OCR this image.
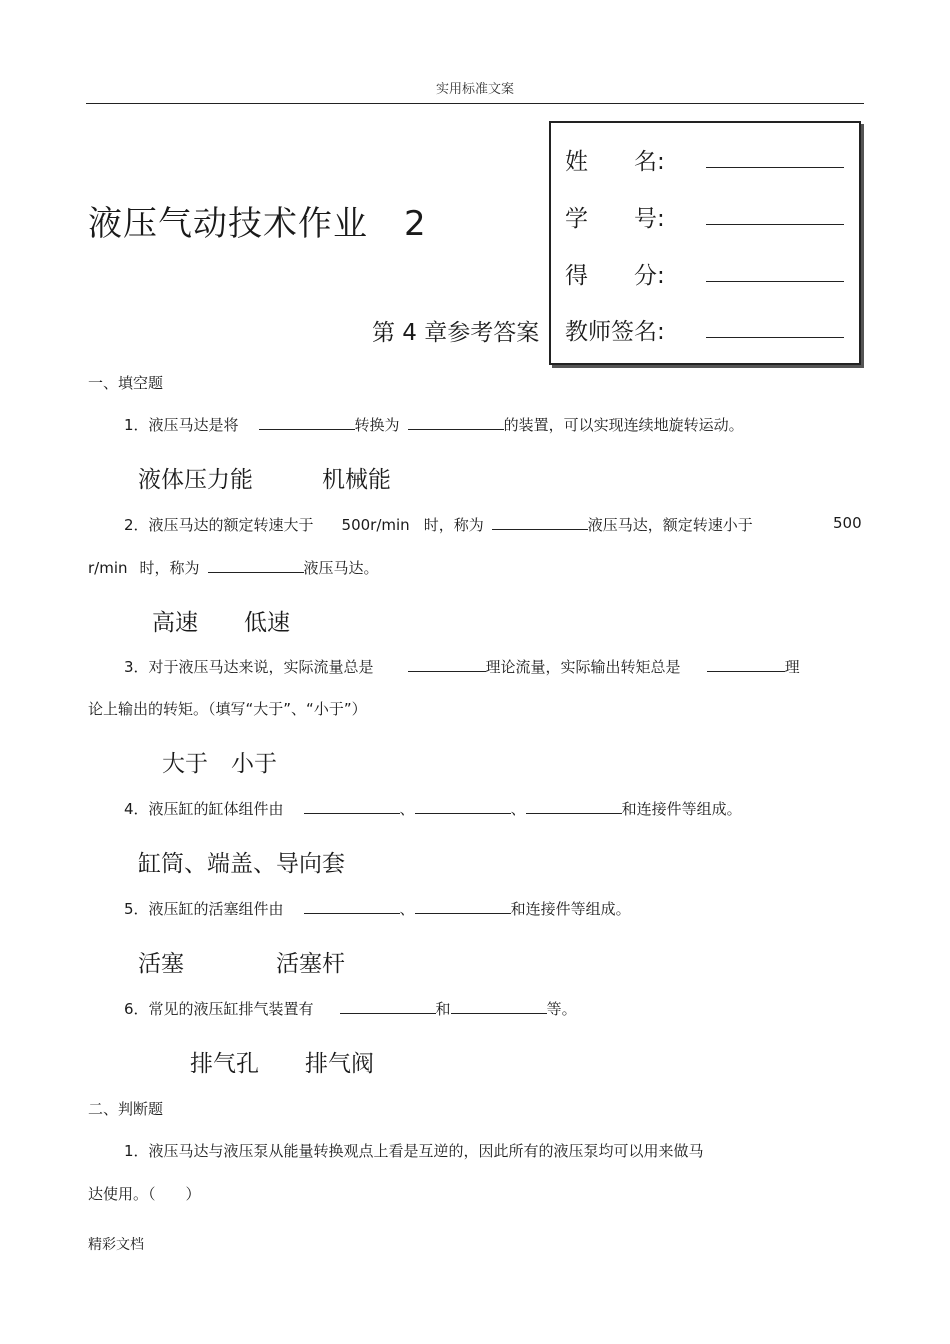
实用标准文案
液压气动技术作业 2
姓　　名:
学　　号:
得　　分:
教师签名:
第 4 章参考答案
一、填空题
1．液压马达是将	转换为	的装置，可以实现连续地旋转运动。
液体压力能　　　机械能
2．液压马达的额定转速大于 500r/min 时，称为	液压马达，额定转速小于	500
r/min 时，称为	液压马达。
高速　　低速
3．对于液压马达来说，实际流量总是	理论流量，实际输出转矩总是	理
论上输出的转矩。（填写“大于”、“小于”）
大于　小于
4．液压缸的缸体组件由	、	、	和连接件等组成。
缸筒、端盖、导向套
5．液压缸的活塞组件由	、	和连接件等组成。
活塞　　　　活塞杆
6．常见的液压缸排气装置有	和	等。
排气孔　　排气阀
二、判断题
1．液压马达与液压泵从能量转换观点上看是互逆的，因此所有的液压泵均可以用来做马
达使用。（　　）
精彩文档
